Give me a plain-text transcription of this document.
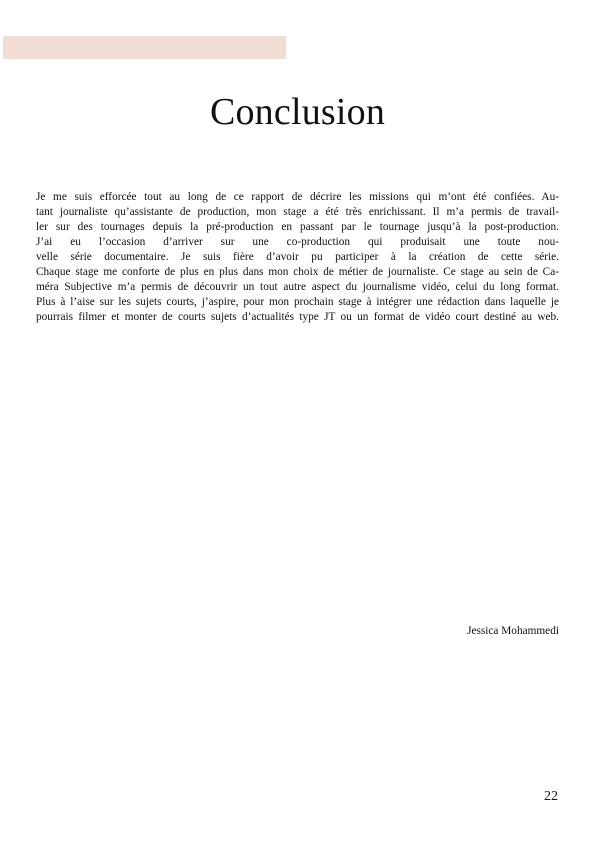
Conclusion

Je me suis efforcée tout au long de ce rapport de décrire les missions qui m’ont été confiées. Au-
tant journaliste qu’assistante de production, mon stage a été très enrichissant. Il m’a permis de travail-
ler sur des tournages depuis la pré-production en passant par le tournage jusqu’à la post-production.

J’ai eu l’occasion d’arriver sur une co-production qui produisait une toute nou-
velle série documentaire. Je suis fière d’avoir pu participer à la création de cette série.

Chaque stage me conforte de plus en plus dans mon choix de métier de journaliste. Ce stage au sein de Ca-
méra Subjective m’a permis de découvrir un tout autre aspect du journalisme vidéo, celui du long format.
Plus à l’aise sur les sujets courts, j’aspire, pour mon prochain stage à intégrer une rédaction dans laquelle je
pourrais filmer et monter de courts sujets d’actualités type JT ou un format de vidéo court destiné au web.

Jessica Mohammedi
22
